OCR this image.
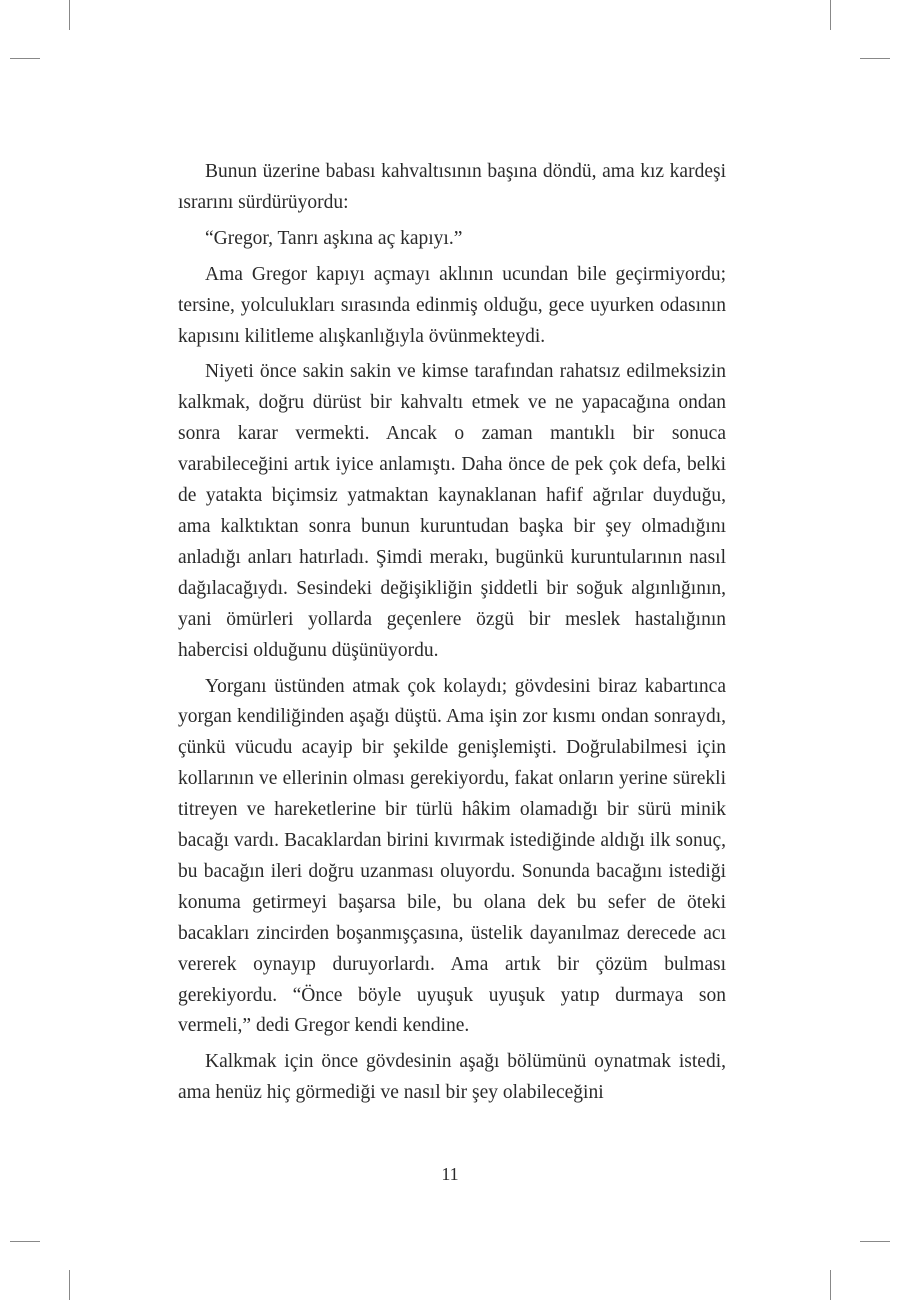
Bunun üzerine babası kahvaltısının başına döndü, ama kız kardeşi ısrarını sürdürüyordu:

“Gregor, Tanrı aşkına aç kapıyı.”

Ama Gregor kapıyı açmayı aklının ucundan bile geçirmiyordu; tersine, yolculukları sırasında edinmiş olduğu, gece uyurken odasının kapısını kilitleme alışkanlığıyla övünmekteydi.

Niyeti önce sakin sakin ve kimse tarafından rahatsız edilmeksizin kalkmak, doğru dürüst bir kahvaltı etmek ve ne yapacağına ondan sonra karar vermekti. Ancak o zaman mantıklı bir sonuca varabileceğini artık iyice anlamıştı. Daha önce de pek çok defa, belki de yatakta biçimsiz yatmaktan kaynaklanan hafif ağrılar duyduğu, ama kalktıktan sonra bunun kuruntudan başka bir şey olmadığını anladığı anları hatırladı. Şimdi merakı, bugünkü kuruntularının nasıl dağılacağıydı. Sesindeki değişikliğin şiddetli bir soğuk algınlığının, yani ömürleri yollarda geçenlere özgü bir meslek hastalığının habercisi olduğunu düşünüyordu.

Yorganı üstünden atmak çok kolaydı; gövdesini biraz kabartınca yorgan kendiliğinden aşağı düştü. Ama işin zor kısmı ondan sonraydı, çünkü vücudu acayip bir şekilde genişlemişti. Doğrulabilmesi için kollarının ve ellerinin olması gerekiyordu, fakat onların yerine sürekli titreyen ve hareketlerine bir türlü hâkim olamadığı bir sürü minik bacağı vardı. Bacaklardan birini kıvırmak istediğinde aldığı ilk sonuç, bu bacağın ileri doğru uzanması oluyordu. Sonunda bacağını istediği konuma getirmeyi başarsa bile, bu olana dek bu sefer de öteki bacakları zincirden boşanmışçasına, üstelik dayanılmaz derecede acı vererek oynayıp duruyorlardı. Ama artık bir çözüm bulması gerekiyordu. “Önce böyle uyuşuk uyuşuk yatıp durmaya son vermeli,” dedi Gregor kendi kendine.

Kalkmak için önce gövdesinin aşağı bölümünü oynatmak istedi, ama henüz hiç görmediği ve nasıl bir şey olabileceğini

11
